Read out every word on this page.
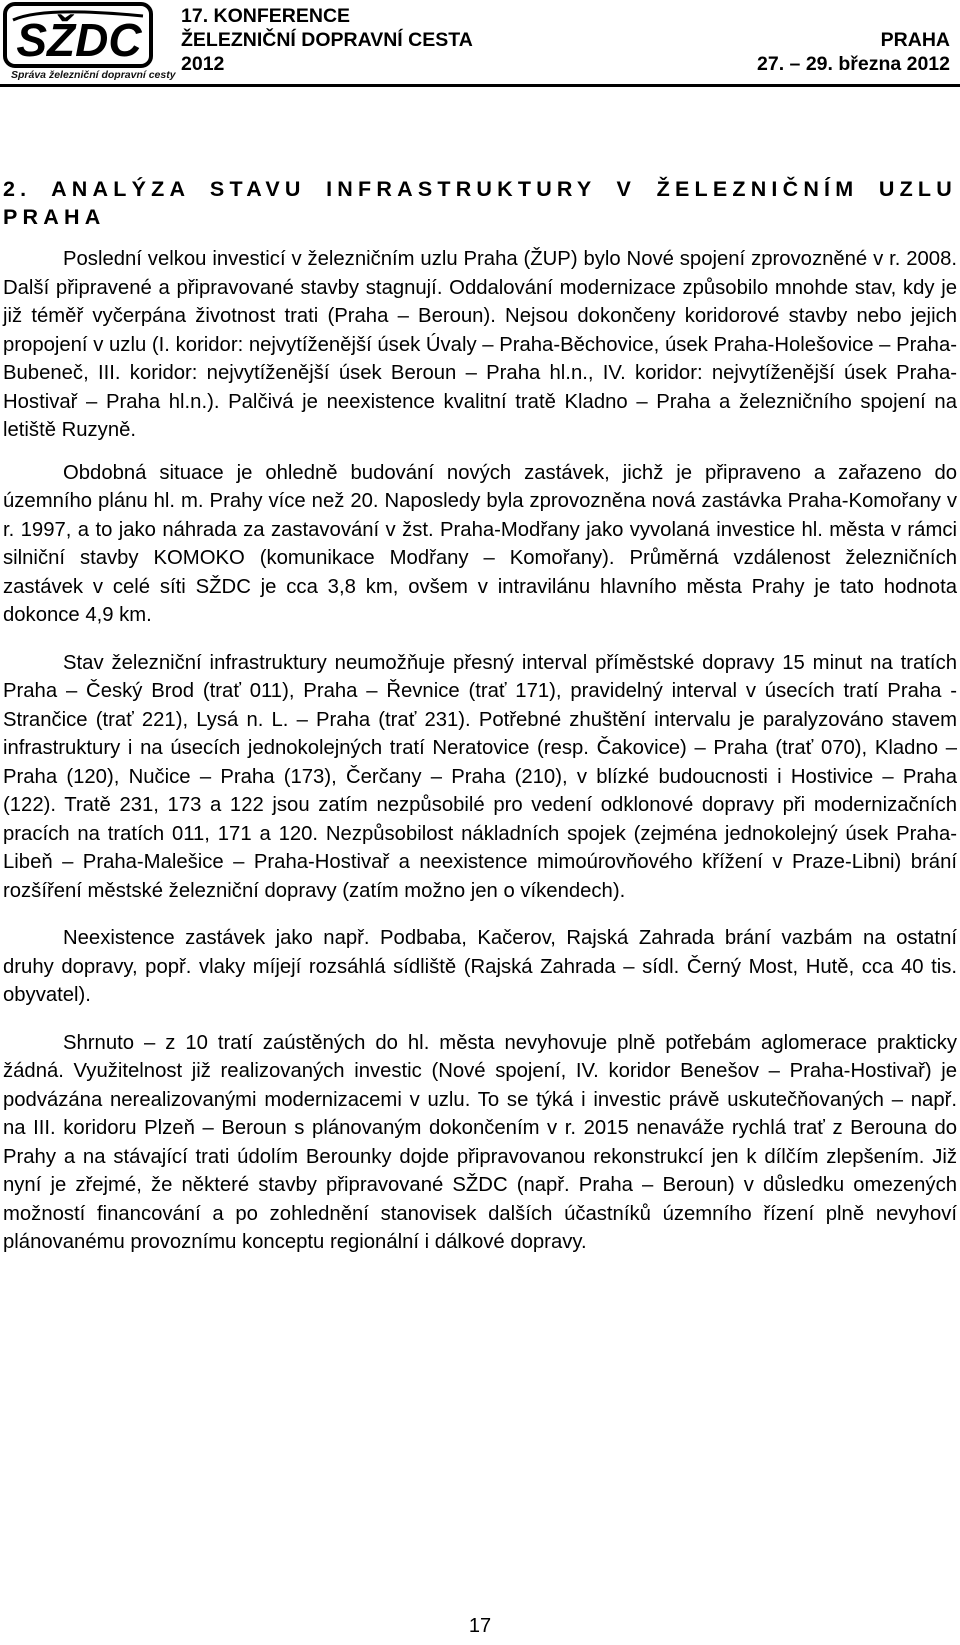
SŽDC
Správa železniční dopravní cesty
17. KONFERENCE
ŽELEZNIČNÍ DOPRAVNÍ CESTA
2012
PRAHA
27. – 29. března 2012
2. ANALÝZA STAVU INFRASTRUKTURY V ŽELEZNIČNÍM UZLU PRAHA

Poslední velkou investicí v železničním uzlu Praha (ŽUP) bylo Nové spojení zprovozněné v r. 2008. Další připravené a připravované stavby stagnují. Oddalování modernizace způsobilo mnohde stav, kdy je již téměř vyčerpána životnost trati (Praha – Beroun). Nejsou dokončeny koridorové stavby nebo jejich propojení v uzlu (I. koridor: nejvytíženější úsek Úvaly – Praha-Běchovice, úsek Praha-Holešovice – Praha-Bubeneč, III. koridor: nejvytíženější úsek Beroun – Praha hl.n., IV. koridor: nejvytíženější úsek Praha-Hostivař – Praha hl.n.). Palčivá je neexistence kvalitní tratě Kladno – Praha a železničního spojení na letiště Ruzyně.

Obdobná situace je ohledně budování nových zastávek, jichž je připraveno a zařazeno do územního plánu hl. m. Prahy více než 20. Naposledy byla zprovozněna nová zastávka Praha-Komořany v r. 1997, a to jako náhrada za zastavování v žst. Praha-Modřany jako vyvolaná investice hl. města v rámci silniční stavby KOMOKO (komunikace Modřany – Komořany). Průměrná vzdálenost železničních zastávek v celé síti SŽDC je cca 3,8 km, ovšem v intravilánu hlavního města Prahy je tato hodnota dokonce 4,9 km.

Stav železniční infrastruktury neumožňuje přesný interval příměstské dopravy 15 minut na tratích Praha – Český Brod (trať 011), Praha – Řevnice (trať 171), pravidelný interval v úsecích tratí Praha - Strančice (trať 221), Lysá n. L. – Praha (trať 231). Potřebné zhuštění intervalu je paralyzováno stavem infrastruktury i na úsecích jednokolejných tratí Neratovice (resp. Čakovice) – Praha (trať 070), Kladno – Praha (120), Nučice – Praha (173), Čerčany – Praha (210), v blízké budoucnosti i Hostivice – Praha (122). Tratě 231, 173 a 122 jsou zatím nezpůsobilé pro vedení odklonové dopravy při modernizačních pracích na tratích 011, 171 a 120. Nezpůsobilost nákladních spojek (zejména jednokolejný úsek Praha-Libeň – Praha-Malešice – Praha-Hostivař a neexistence mimoúrovňového křížení v Praze-Libni) brání rozšíření městské železniční dopravy (zatím možno jen o víkendech).

Neexistence zastávek jako např. Podbaba, Kačerov, Rajská Zahrada brání vazbám na ostatní druhy dopravy, popř. vlaky míjejí rozsáhlá sídliště (Rajská Zahrada – sídl. Černý Most, Hutě, cca 40 tis. obyvatel).

Shrnuto – z 10 tratí zaústěných do hl. města nevyhovuje plně potřebám aglomerace prakticky žádná. Využitelnost již realizovaných investic (Nové spojení, IV. koridor Benešov – Praha-Hostivař) je podvázána nerealizovanými modernizacemi v uzlu. To se týká i investic právě uskutečňovaných – např. na III. koridoru Plzeň – Beroun s plánovaným dokončením v r. 2015 nenaváže rychlá trať z Berouna do Prahy a na stávající trati údolím Berounky dojde připravovanou rekonstrukcí jen k dílčím zlepšením. Již nyní je zřejmé, že některé stavby připravované SŽDC (např. Praha – Beroun) v důsledku omezených možností financování a po zohlednění stanovisek dalších účastníků územního řízení plně nevyhoví plánovanému provoznímu konceptu regionální i dálkové dopravy.

17
